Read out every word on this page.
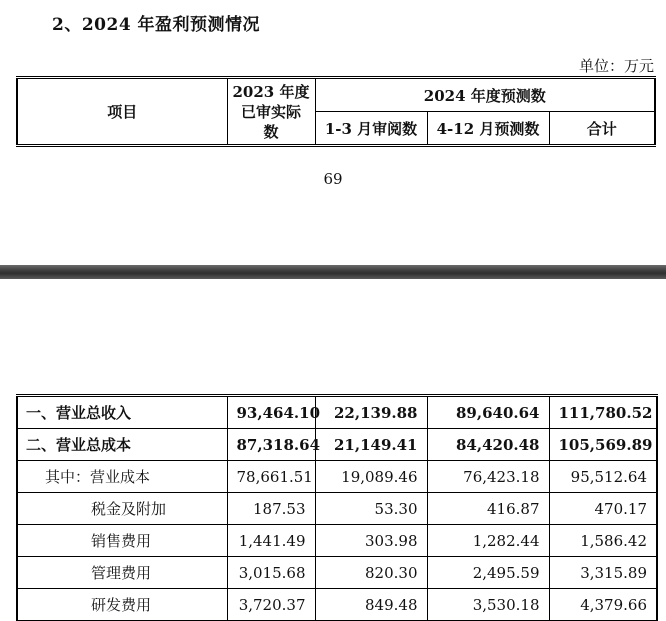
2、2024 年盈利预测情况
单位：万元
项目	2023 年度
已审实际
数	2024 年度预测数		
		1-3 月审阅数	4-12 月预测数	合计
69
一、营业总收入	93,464.10	22,139.88	89,640.64	111,780.52
二、营业总成本	87,318.64	21,149.41	84,420.48	105,569.89
其中：营业成本	78,661.51	19,089.46	76,423.18	95,512.64
税金及附加	187.53	53.30	416.87	470.17
销售费用	1,441.49	303.98	1,282.44	1,586.42
管理费用	3,015.68	820.30	2,495.59	3,315.89
研发费用	3,720.37	849.48	3,530.18	4,379.66
